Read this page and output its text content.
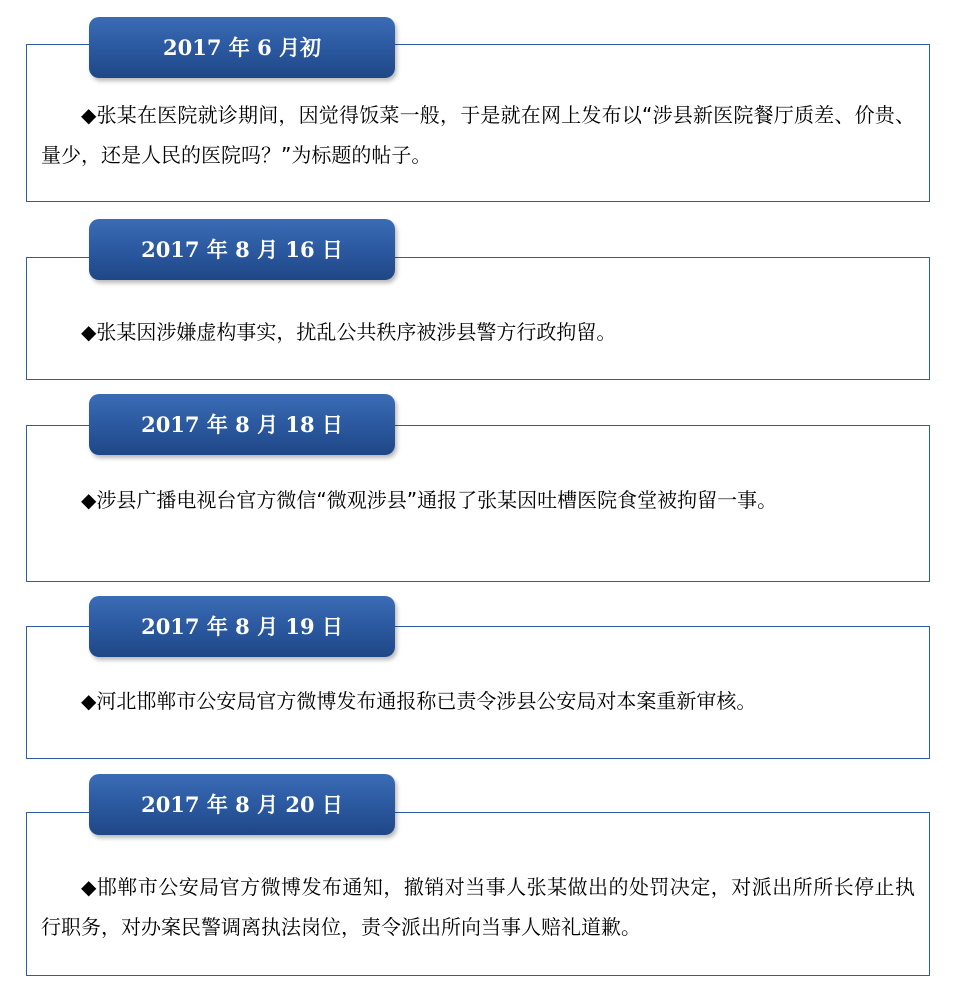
◆张某在医院就诊期间，因觉得饭菜一般，于是就在网上发布以“涉县新医院餐厅质差、价贵、量少，还是人民的医院吗？”为标题的帖子。

2017 年 6 月初

◆张某因涉嫌虚构事实，扰乱公共秩序被涉县警方行政拘留。

2017 年 8 月 16 日

◆涉县广播电视台官方微信“微观涉县”通报了张某因吐槽医院食堂被拘留一事。

2017 年 8 月 18 日

◆河北邯郸市公安局官方微博发布通报称已责令涉县公安局对本案重新审核。

2017 年 8 月 19 日

◆邯郸市公安局官方微博发布通知，撤销对当事人张某做出的处罚决定，对派出所所长停止执行职务，对办案民警调离执法岗位，责令派出所向当事人赔礼道歉。

2017 年 8 月 20 日
